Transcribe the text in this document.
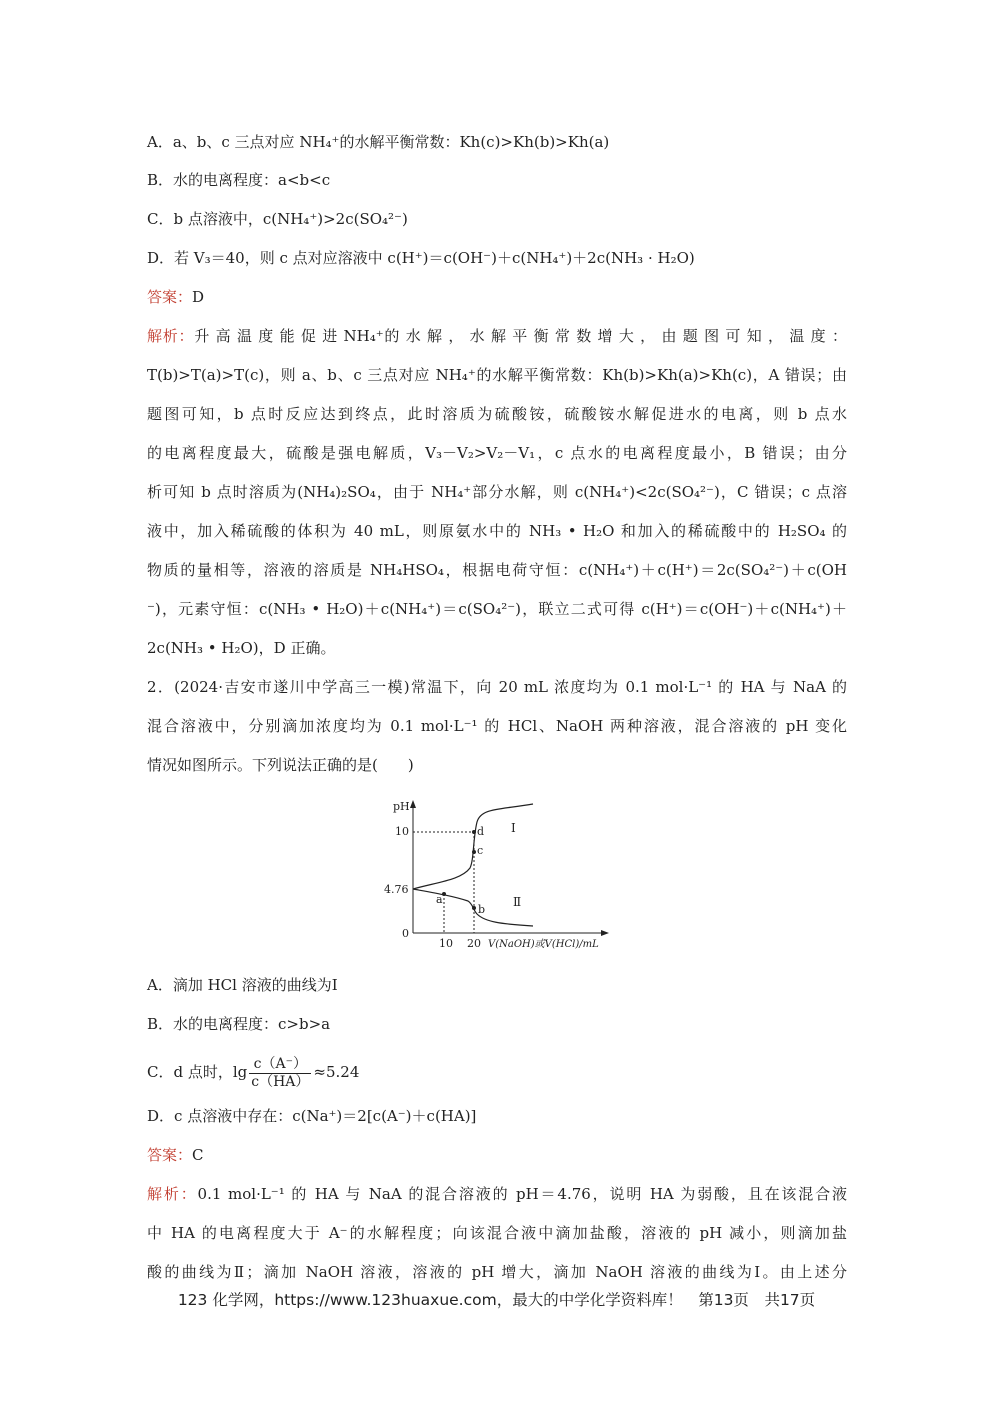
A．a、b、c 三点对应 NH₄⁺的水解平衡常数：Kh(c)>Kh(b)>Kh(a)
B．水的电离程度：a<b<c
C．b 点溶液中，c(NH₄⁺)>2c(SO₄²⁻)
D．若 V₃＝40，则 c 点对应溶液中 c(H⁺)＝c(OH⁻)＋c(NH₄⁺)＋2c(NH₃ · H₂O)
答案：D
解析：升 高 温 度 能 促 进 NH₄⁺的 水 解 ， 水 解 平 衡 常 数 增 大 ， 由 题 图 可 知 ， 温 度 ：
T(b)>T(a)>T(c)，则 a、b、c 三点对应 NH₄⁺的水解平衡常数：Kh(b)>Kh(a)>Kh(c)，A 错误；由
题图可知，b 点时反应达到终点，此时溶质为硫酸铵，硫酸铵水解促进水的电离，则 b 点水
的电离程度最大，硫酸是强电解质，V₃－V₂>V₂－V₁，c 点水的电离程度最小，B 错误；由分
析可知 b 点时溶质为(NH₄)₂SO₄，由于 NH₄⁺部分水解，则 c(NH₄⁺)<2c(SO₄²⁻)，C 错误；c 点溶
液中，加入稀硫酸的体积为 40 mL，则原氨水中的 NH₃ • H₂O 和加入的稀硫酸中的 H₂SO₄ 的
物质的量相等，溶液的溶质是 NH₄HSO₄，根据电荷守恒：c(NH₄⁺)＋c(H⁺)＝2c(SO₄²⁻)＋c(OH
⁻)，元素守恒：c(NH₃ • H₂O)＋c(NH₄⁺)＝c(SO₄²⁻)，联立二式可得 c(H⁺)＝c(OH⁻)＋c(NH₄⁺)＋
2c(NH₃ • H₂O)，D 正确。
2．(2024·吉安市遂川中学高三一模)常温下，向 20 mL 浓度均为 0.1 mol·L⁻¹ 的 HA 与 NaA 的
混合溶液中，分别滴加浓度均为 0.1 mol·L⁻¹ 的 HCl、NaOH 两种溶液，混合溶液的 pH 变化
情况如图所示。下列说法正确的是(　　)
pH
10
4.76
0
10 20 V(NaOH)或V(HCl)/mL
a
b
c
d Ⅰ
Ⅱ
A．滴加 HCl 溶液的曲线为Ⅰ
B．水的电离程度：c>b>a
C．d 点时，$\lg \frac{c(A^-)}{c(HA)} \approx 5.24$
D．c 点溶液中存在：c(Na⁺)＝2[c(A⁻)＋c(HA)]
答案：C
解析：0.1 mol·L⁻¹ 的 HA 与 NaA 的混合溶液的 pH＝4.76，说明 HA 为弱酸，且在该混合液
中 HA 的电离程度大于 A⁻的水解程度；向该混合液中滴加盐酸，溶液的 pH 减小，则滴加盐
酸的曲线为Ⅱ；滴加 NaOH 溶液，溶液的 pH 增大，滴加 NaOH 溶液的曲线为Ⅰ。由上述分
123 化学网，https://www.123huaxue.com，最大的中学化学资料库！　第13页　共17页
